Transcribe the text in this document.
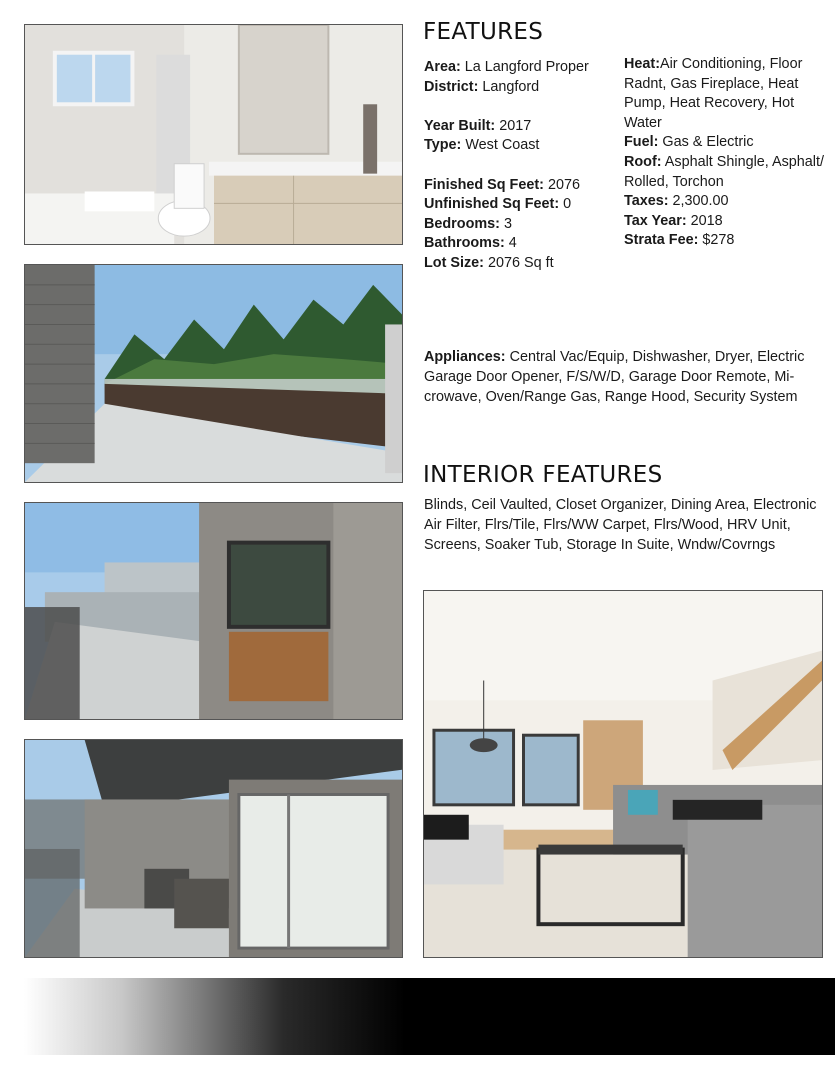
FEATURES
INTERIOR FEATURES
Area: La Langford Proper
District: Langford
Year Built: 2017
Type: West Coast
Finished Sq Feet: 2076
Unfinished Sq Feet: 0
Bedrooms: 3
Bathrooms: 4
Lot Size: 2076 Sq ft
Heat:Air Conditioning, Floor Radnt, Gas Fireplace, Heat Pump, Heat Recovery, Hot Water
Fuel: Gas & Electric
Roof: Asphalt Shingle, Asphalt/ Rolled, Torchon
Taxes: 2,300.00
Tax Year: 2018
Strata Fee: $278
Appliances: Central Vac/Equip, Dishwasher, Dryer, Electric Garage Door Opener, F/S/W/D, Garage Door Remote, Mi-crowave, Oven/Range Gas, Range Hood, Security System
Blinds, Ceil Vaulted, Closet Organizer, Dining Area, Electronic Air Filter, Flrs/Tile, Flrs/WW Carpet, Flrs/Wood, HRV Unit, Screens, Soaker Tub, Storage In Suite, Wndw/Covrngs
